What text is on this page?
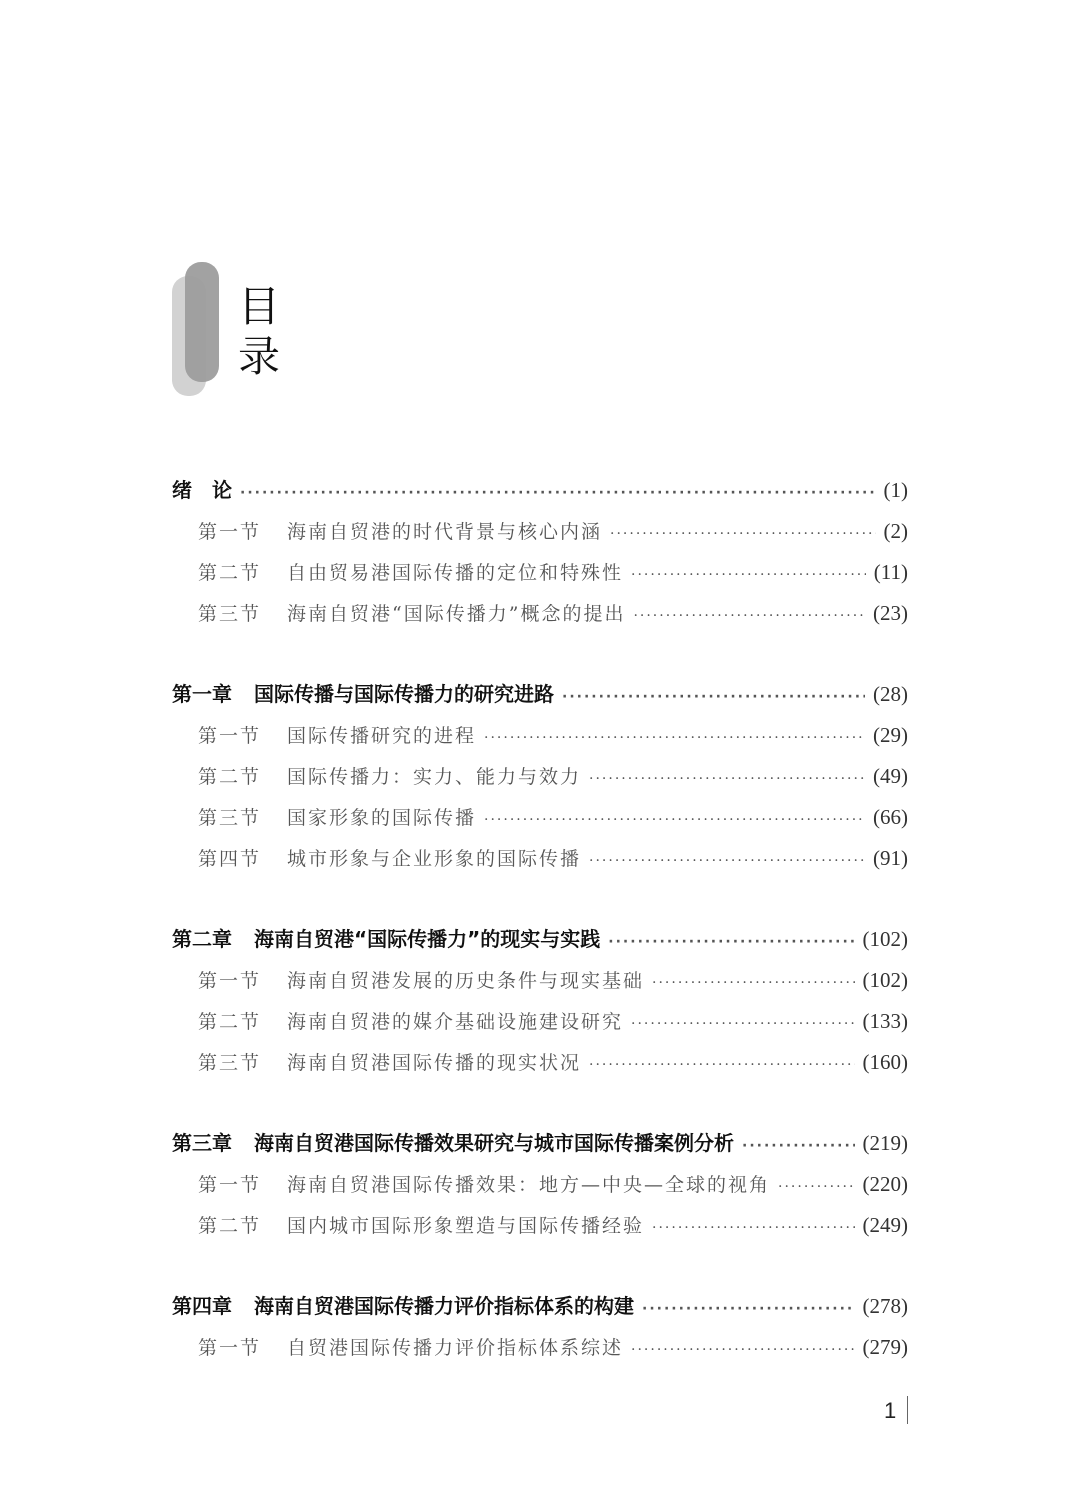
目
录
绪　论 ·····	(1)
第一节 海南自贸港的时代背景与核心内涵 ·····	(2)
第二节 自由贸易港国际传播的定位和特殊性 ·····	(11)
第三节 海南自贸港“国际传播力”概念的提出 ·····	(23)
第一章 国际传播与国际传播力的研究进路 ·····	(28)
第一节 国际传播研究的进程 ·····	(29)
第二节 国际传播力：实力、能力与效力 ·····	(49)
第三节 国家形象的国际传播 ·····	(66)
第四节 城市形象与企业形象的国际传播 ·····	(91)
第二章 海南自贸港“国际传播力”的现实与实践 ·····	(102)
第一节 海南自贸港发展的历史条件与现实基础 ·····	(102)
第二节 海南自贸港的媒介基础设施建设研究 ·····	(133)
第三节 海南自贸港国际传播的现实状况 ·····	(160)
第三章 海南自贸港国际传播效果研究与城市国际传播案例分析 ·····	(219)
第一节 海南自贸港国际传播效果：地方—中央—全球的视角 ·····	(220)
第二节 国内城市国际形象塑造与国际传播经验 ·····	(249)
第四章 海南自贸港国际传播力评价指标体系的构建 ·····	(278)
第一节 自贸港国际传播力评价指标体系综述 ·····	(279)
1
